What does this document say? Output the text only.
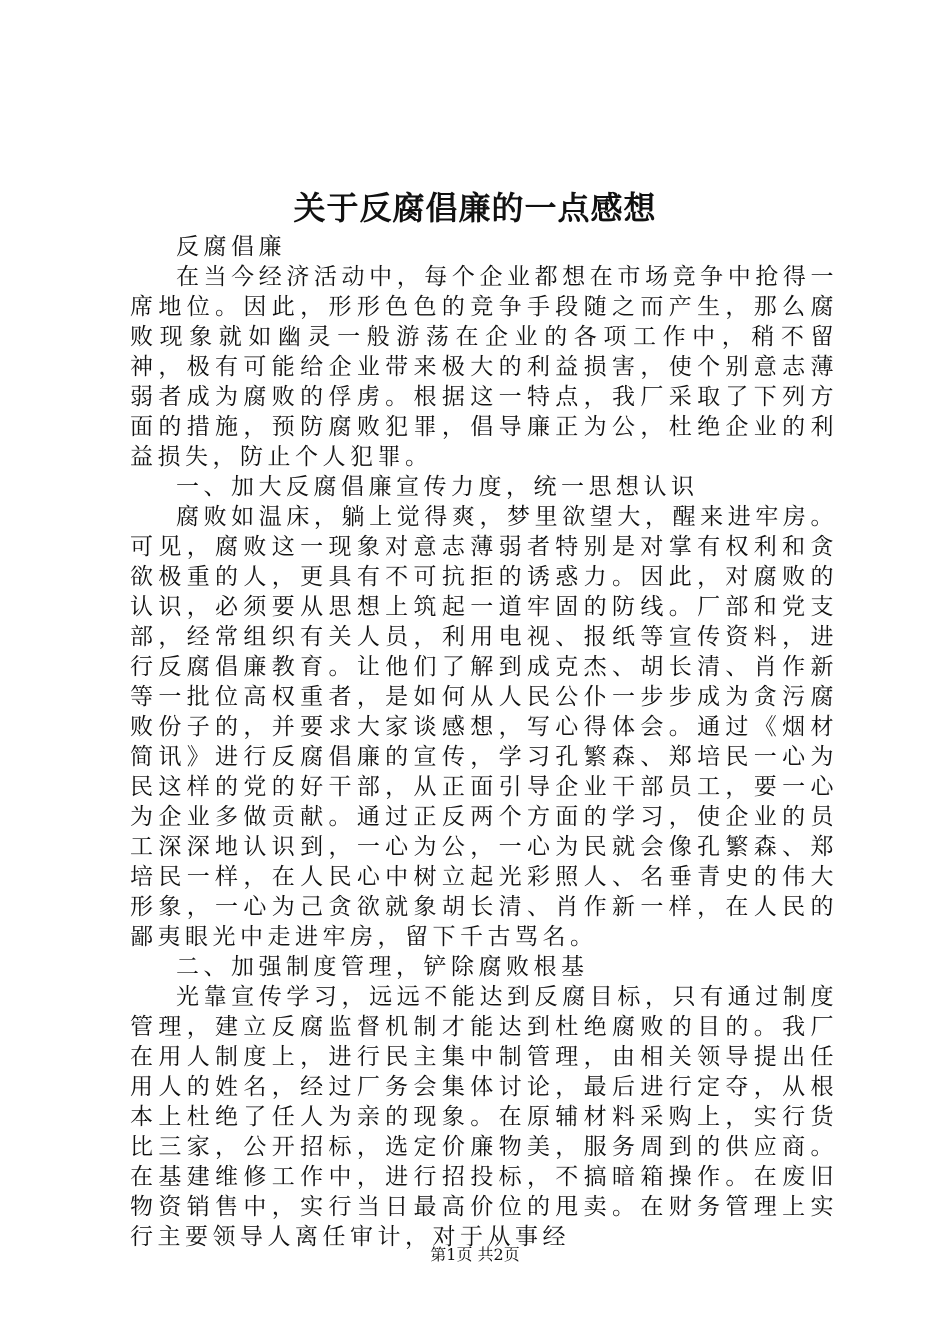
关于反腐倡廉的一点感想

反腐倡廉

在当今经济活动中，每个企业都想在市场竞争中抢得一席地位。因此，形形色色的竞争手段随之而产生，那么腐败现象就如幽灵一般游荡在企业的各项工作中，稍不留神，极有可能给企业带来极大的利益损害，使个别意志薄弱者成为腐败的俘虏。根据这一特点，我厂采取了下列方面的措施，预防腐败犯罪，倡导廉正为公，杜绝企业的利益损失，防止个人犯罪。

一、加大反腐倡廉宣传力度，统一思想认识

腐败如温床，躺上觉得爽，梦里欲望大，醒来进牢房。可见，腐败这一现象对意志薄弱者特别是对掌有权利和贪欲极重的人，更具有不可抗拒的诱惑力。因此，对腐败的认识，必须要从思想上筑起一道牢固的防线。厂部和党支部，经常组织有关人员，利用电视、报纸等宣传资料，进行反腐倡廉教育。让他们了解到成克杰、胡长清、肖作新等一批位高权重者，是如何从人民公仆一步步成为贪污腐败份子的，并要求大家谈感想，写心得体会。通过《烟材简讯》进行反腐倡廉的宣传，学习孔繁森、郑培民一心为民这样的党的好干部，从正面引导企业干部员工，要一心为企业多做贡献。通过正反两个方面的学习，使企业的员工深深地认识到，一心为公，一心为民就会像孔繁森、郑培民一样，在人民心中树立起光彩照人、名垂青史的伟大形象，一心为己贪欲就象胡长清、肖作新一样，在人民的鄙夷眼光中走进牢房，留下千古骂名。

二、加强制度管理，铲除腐败根基

光靠宣传学习，远远不能达到反腐目标，只有通过制度管理，建立反腐监督机制才能达到杜绝腐败的目的。我厂在用人制度上，进行民主集中制管理，由相关领导提出任用人的姓名，经过厂务会集体讨论，最后进行定夺，从根本上杜绝了任人为亲的现象。在原辅材料采购上，实行货比三家，公开招标，选定价廉物美，服务周到的供应商。在基建维修工作中，进行招投标，不搞暗箱操作。在废旧物资销售中，实行当日最高价位的甩卖。在财务管理上实行主要领导人离任审计，对于从事经

第1页 共2页
